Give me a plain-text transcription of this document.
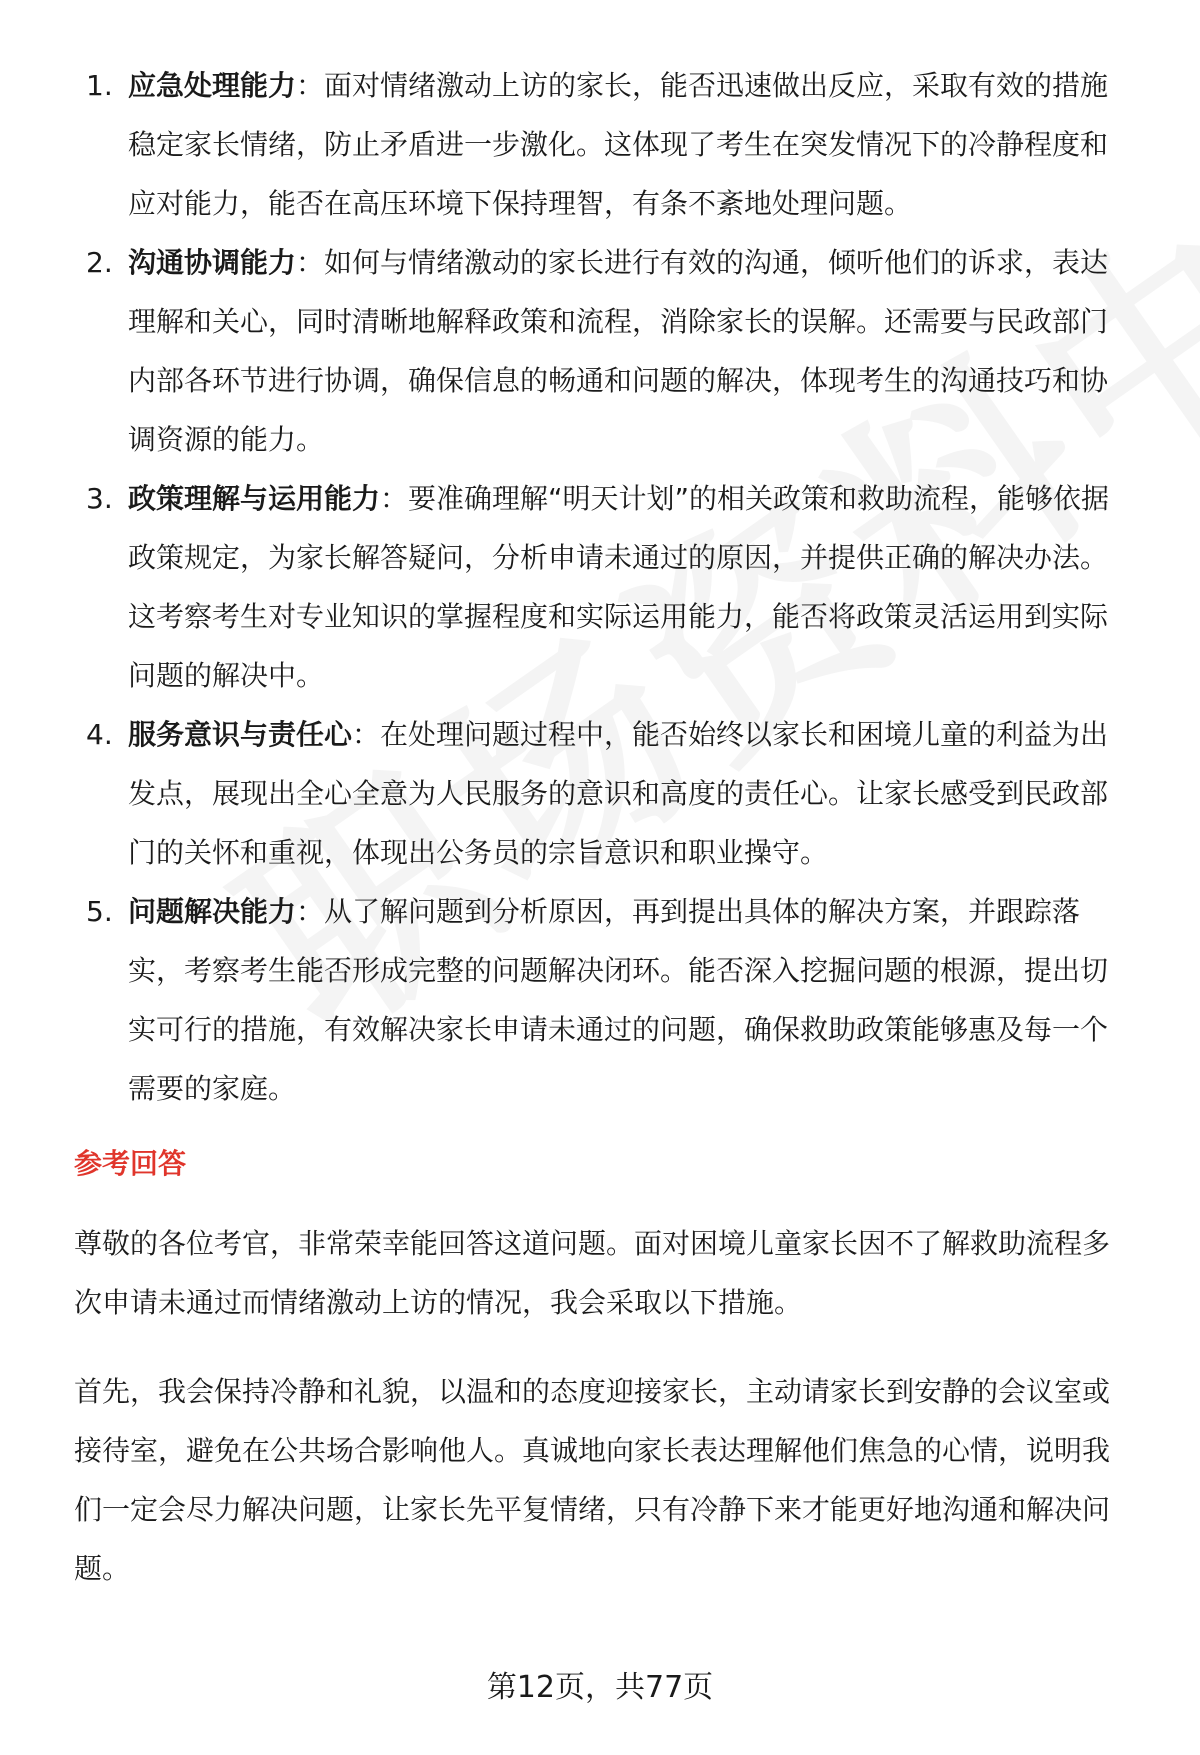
1. 应急处理能力：面对情绪激动上访的家长，能否迅速做出反应，采取有效的措施稳定家长情绪，防止矛盾进一步激化。这体现了考生在突发情况下的冷静程度和应对能力，能否在高压环境下保持理智，有条不紊地处理问题。
2. 沟通协调能力：如何与情绪激动的家长进行有效的沟通，倾听他们的诉求，表达理解和关心，同时清晰地解释政策和流程，消除家长的误解。还需要与民政部门内部各环节进行协调，确保信息的畅通和问题的解决，体现考生的沟通技巧和协调资源的能力。
3. 政策理解与运用能力：要准确理解“明天计划”的相关政策和救助流程，能够依据政策规定，为家长解答疑问，分析申请未通过的原因，并提供正确的解决办法。这考察考生对专业知识的掌握程度和实际运用能力，能否将政策灵活运用到实际问题的解决中。
4. 服务意识与责任心：在处理问题过程中，能否始终以家长和困境儿童的利益为出发点，展现出全心全意为人民服务的意识和高度的责任心。让家长感受到民政部门的关怀和重视，体现出公务员的宗旨意识和职业操守。
5. 问题解决能力：从了解问题到分析原因，再到提出具体的解决方案，并跟踪落实，考察考生能否形成完整的问题解决闭环。能否深入挖掘问题的根源，提出切实可行的措施，有效解决家长申请未通过的问题，确保救助政策能够惠及每一个需要的家庭。
参考回答

尊敬的各位考官，非常荣幸能回答这道问题。面对困境儿童家长因不了解救助流程多次申请未通过而情绪激动上访的情况，我会采取以下措施。

首先，我会保持冷静和礼貌，以温和的态度迎接家长，主动请家长到安静的会议室或接待室，避免在公共场合影响他人。真诚地向家长表达理解他们焦急的心情，说明我们一定会尽力解决问题，让家长先平复情绪，只有冷静下来才能更好地沟通和解决问题。

第12页，共77页
